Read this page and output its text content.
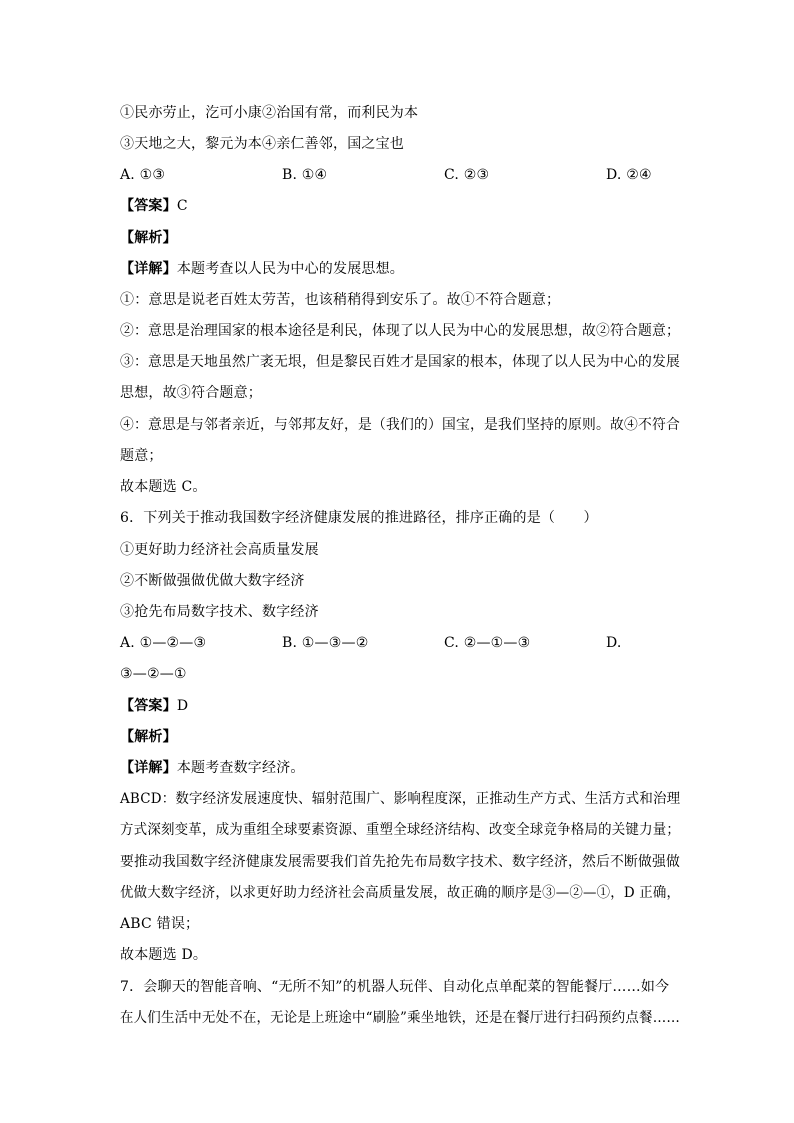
①民亦劳止，汔可小康②治国有常，而利民为本
③天地之大，黎元为本④亲仁善邻，国之宝也
A. ①③	B. ①④	C. ②③	D. ②④
【答案】C
【解析】
【详解】本题考查以人民为中心的发展思想。
①：意思是说老百姓太劳苦，也该稍稍得到安乐了。故①不符合题意；
②：意思是治理国家的根本途径是利民，体现了以人民为中心的发展思想，故②符合题意；
③：意思是天地虽然广袤无垠，但是黎民百姓才是国家的根本，体现了以人民为中心的发展
思想，故③符合题意；
④：意思是与邻者亲近，与邻邦友好，是（我们的）国宝，是我们坚持的原则。故④不符合
题意；
故本题选 C。
6．下列关于推动我国数字经济健康发展的推进路径，排序正确的是（　　）
①更好助力经济社会高质量发展
②不断做强做优做大数字经济
③抢先布局数字技术、数字经济
A. ①—②—③	B. ①—③—②	C. ②—①—③	D.
③—②—①
【答案】D
【解析】
【详解】本题考查数字经济。
ABCD：数字经济发展速度快、辐射范围广、影响程度深，正推动生产方式、生活方式和治理
方式深刻变革，成为重组全球要素资源、重塑全球经济结构、改变全球竞争格局的关键力量；
要推动我国数字经济健康发展需要我们首先抢先布局数字技术、数字经济，然后不断做强做
优做大数字经济，以求更好助力经济社会高质量发展，故正确的顺序是③—②—①，D 正确，
ABC 错误；
故本题选 D。
7．会聊天的智能音响、“无所不知”的机器人玩伴、自动化点单配菜的智能餐厅……如今
在人们生活中无处不在，无论是上班途中“刷脸”乘坐地铁，还是在餐厅进行扫码预约点餐……
